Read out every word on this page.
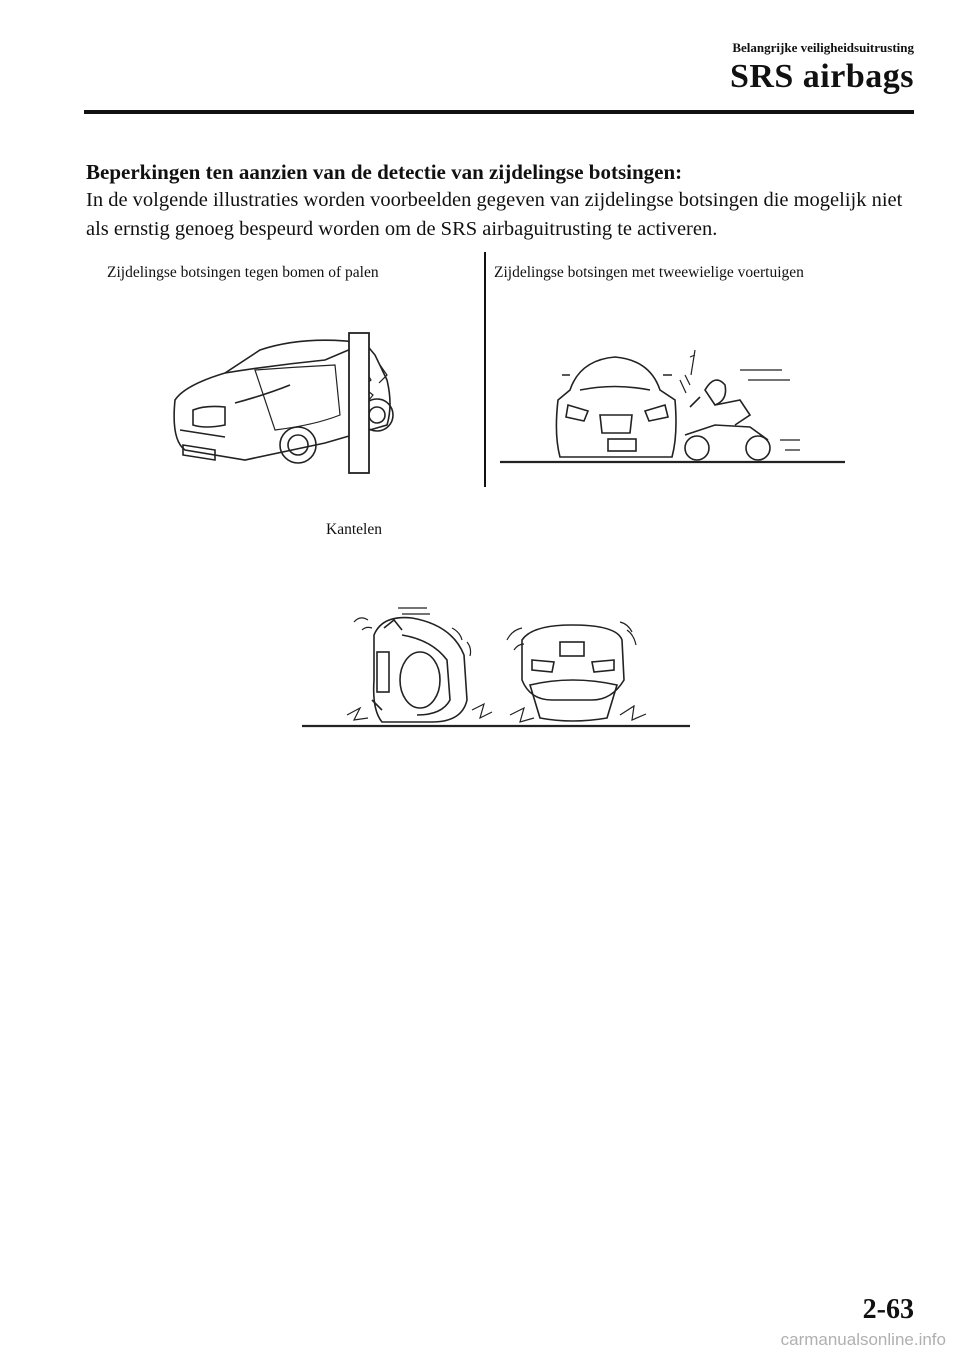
Belangrijke veiligheidsuitrusting
SRS airbags
Beperkingen ten aanzien van de detectie van zijdelingse botsingen:
In de volgende illustraties worden voorbeelden gegeven van zijdelingse botsingen die mogelijk niet als ernstig genoeg bespeurd worden om de SRS airbaguitrusting te activeren.
Zijdelingse botsingen tegen bomen of palen	Zijdelingse botsingen met tweewielige voertuigen
Kantelen
2-63
carmanualsonline.info
